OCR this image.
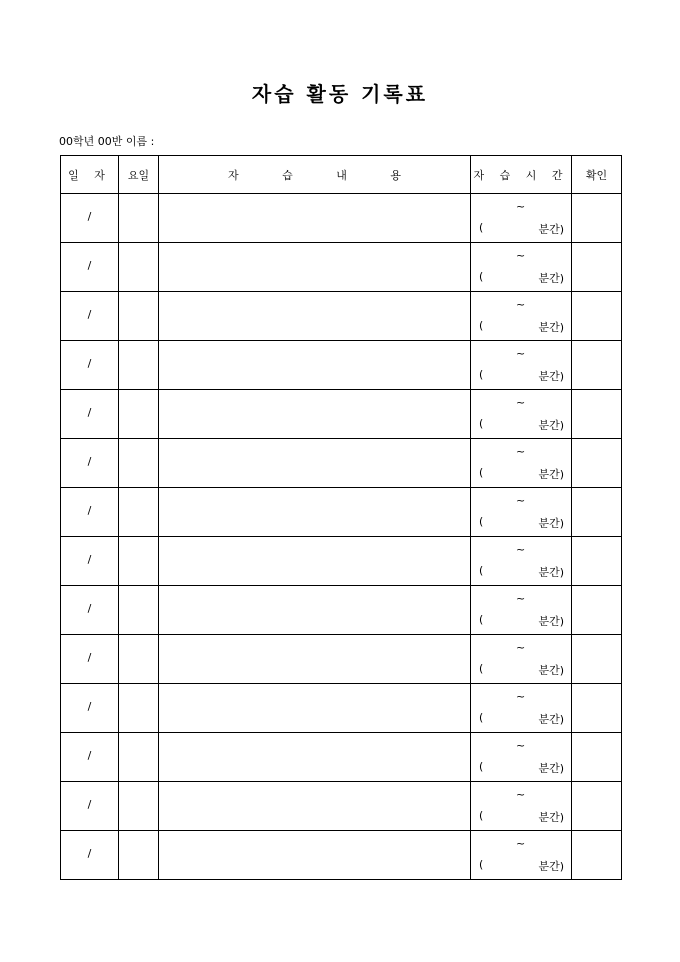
자습 활동 기록표
00학년 00반 이름 :
일 자	요일	자 습 내 용	자 습 시 간	확인
/			~
( 분간)	

/			~
( 분간)	

/			~
( 분간)	

/			~
( 분간)	

/			~
( 분간)	

/			~
( 분간)	

/			~
( 분간)	

/			~
( 분간)	

/			~
( 분간)	

/			~
( 분간)	

/			~
( 분간)	

/			~
( 분간)	

/			~
( 분간)	

/			~
( 분간)	
